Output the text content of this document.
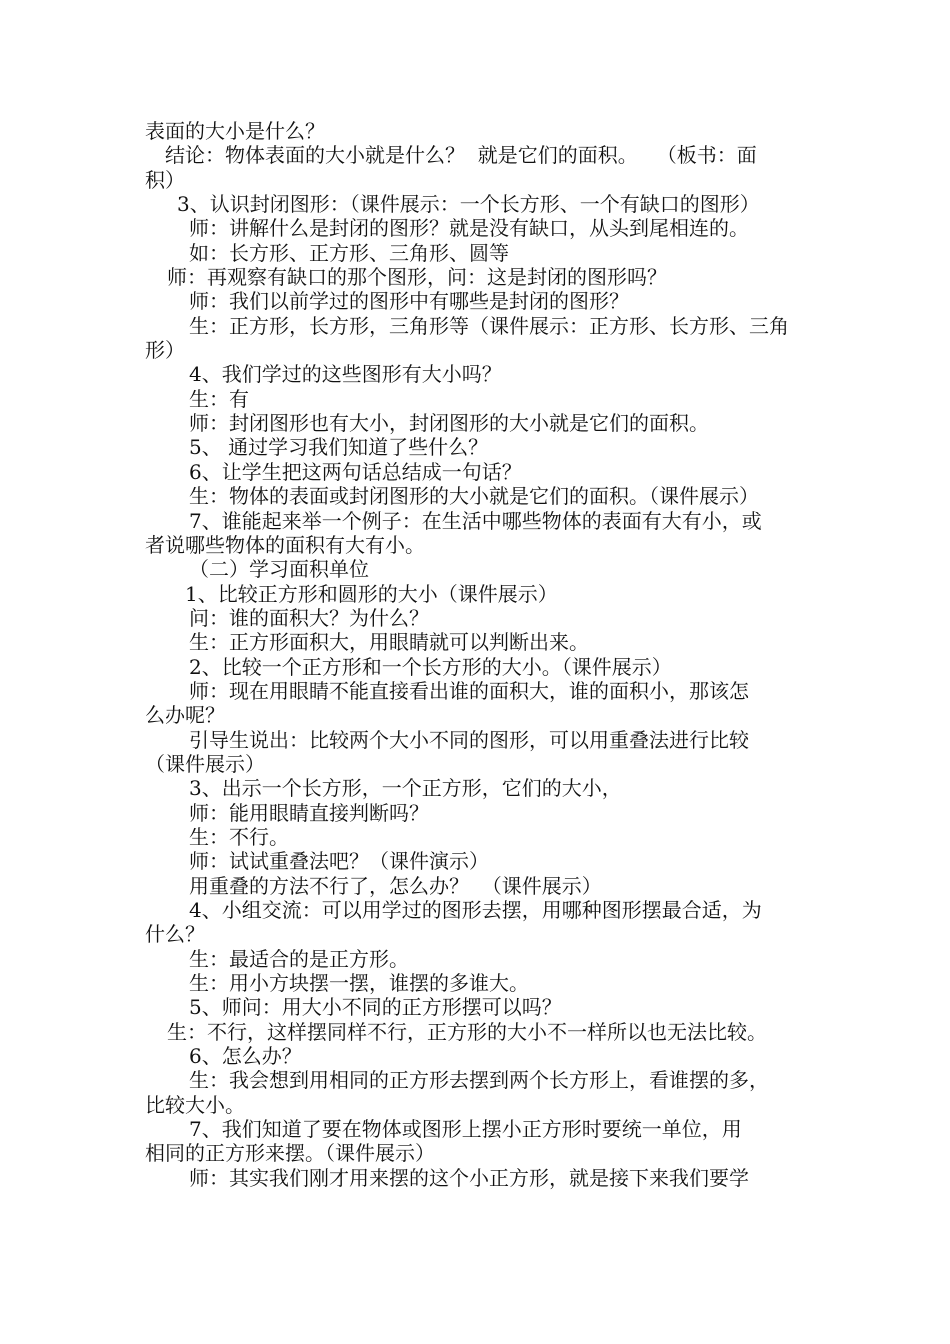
表面的大小是什么？
结论：物体表面的大小就是什么？  就是它们的面积。   （板书：面
积）
3、认识封闭图形：（课件展示：一个长方形、一个有缺口的图形）
师：讲解什么是封闭的图形？就是没有缺口，从头到尾相连的。
如：长方形、正方形、三角形、圆等
师：再观察有缺口的那个图形，问：这是封闭的图形吗？
师：我们以前学过的图形中有哪些是封闭的图形？
生：正方形，长方形，三角形等（课件展示：正方形、长方形、三角
形）
4、我们学过的这些图形有大小吗？
生：有
师：封闭图形也有大小，封闭图形的大小就是它们的面积。
5、 通过学习我们知道了些什么？
6、让学生把这两句话总结成一句话？
生：物体的表面或封闭图形的大小就是它们的面积。（课件展示）
7、谁能起来举一个例子：在生活中哪些物体的表面有大有小，或
者说哪些物体的面积有大有小。
（二）学习面积单位
1、比较正方形和圆形的大小（课件展示）
问：谁的面积大？为什么？
生：正方形面积大，用眼睛就可以判断出来。
2、比较一个正方形和一个长方形的大小。（课件展示）
师：现在用眼睛不能直接看出谁的面积大，谁的面积小，那该怎
么办呢？
引导生说出：比较两个大小不同的图形，可以用重叠法进行比较
（课件展示）
3、出示一个长方形，一个正方形，它们的大小，
师：能用眼睛直接判断吗？
生：不行。
师：试试重叠法吧？（课件演示）
用重叠的方法不行了，怎么办？  （课件展示）
4、小组交流：可以用学过的图形去摆，用哪种图形摆最合适，为
什么？
生：最适合的是正方形。
生：用小方块摆一摆，谁摆的多谁大。
5、师问：用大小不同的正方形摆可以吗？
生：不行，这样摆同样不行，正方形的大小不一样所以也无法比较。
6、怎么办？
生：我会想到用相同的正方形去摆到两个长方形上，看谁摆的多，
比较大小。
7、我们知道了要在物体或图形上摆小正方形时要统一单位，用
相同的正方形来摆。（课件展示）
师：其实我们刚才用来摆的这个小正方形，就是接下来我们要学
